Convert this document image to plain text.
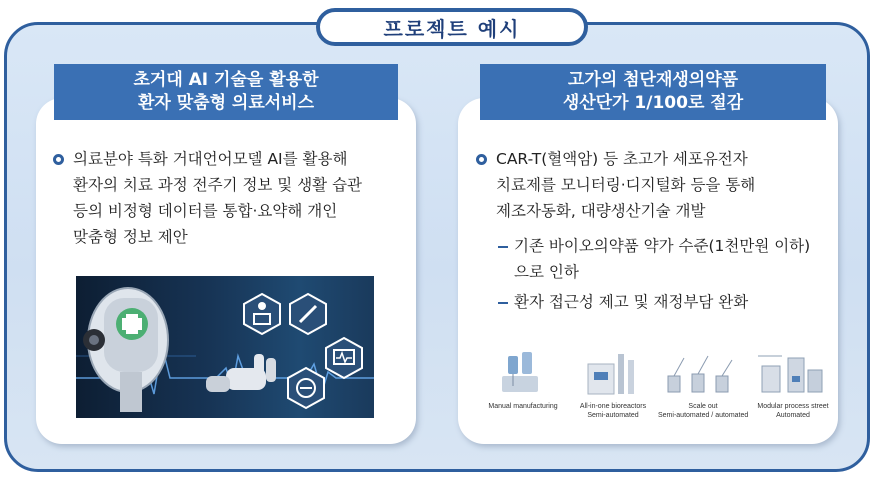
프로젝트 예시
초거대 AI 기술을 활용한
환자 맞춤형 의료서비스
의료분야 특화 거대언어모델 AI를 활용해
환자의 치료 과정 전주기 정보 및 생활 습관
등의 비정형 데이터를 통합·요약해 개인
맞춤형 정보 제안
고가의 첨단재생의약품
생산단가 1/100로 절감
CAR-T(혈액암) 등 초고가 세포유전자
치료제를 모니터링·디지털화 등을 통해
제조자동화, 대량생산기술 개발
기존 바이오의약품 약가 수준(1천만원 이하)
으로 인하
환자 접근성 제고 및 재정부담 완화
Manual manufacturing	All-in-one bioreactors
Semi-automated
Scale out
Semi-automated / automated
Modular process street
Automated
